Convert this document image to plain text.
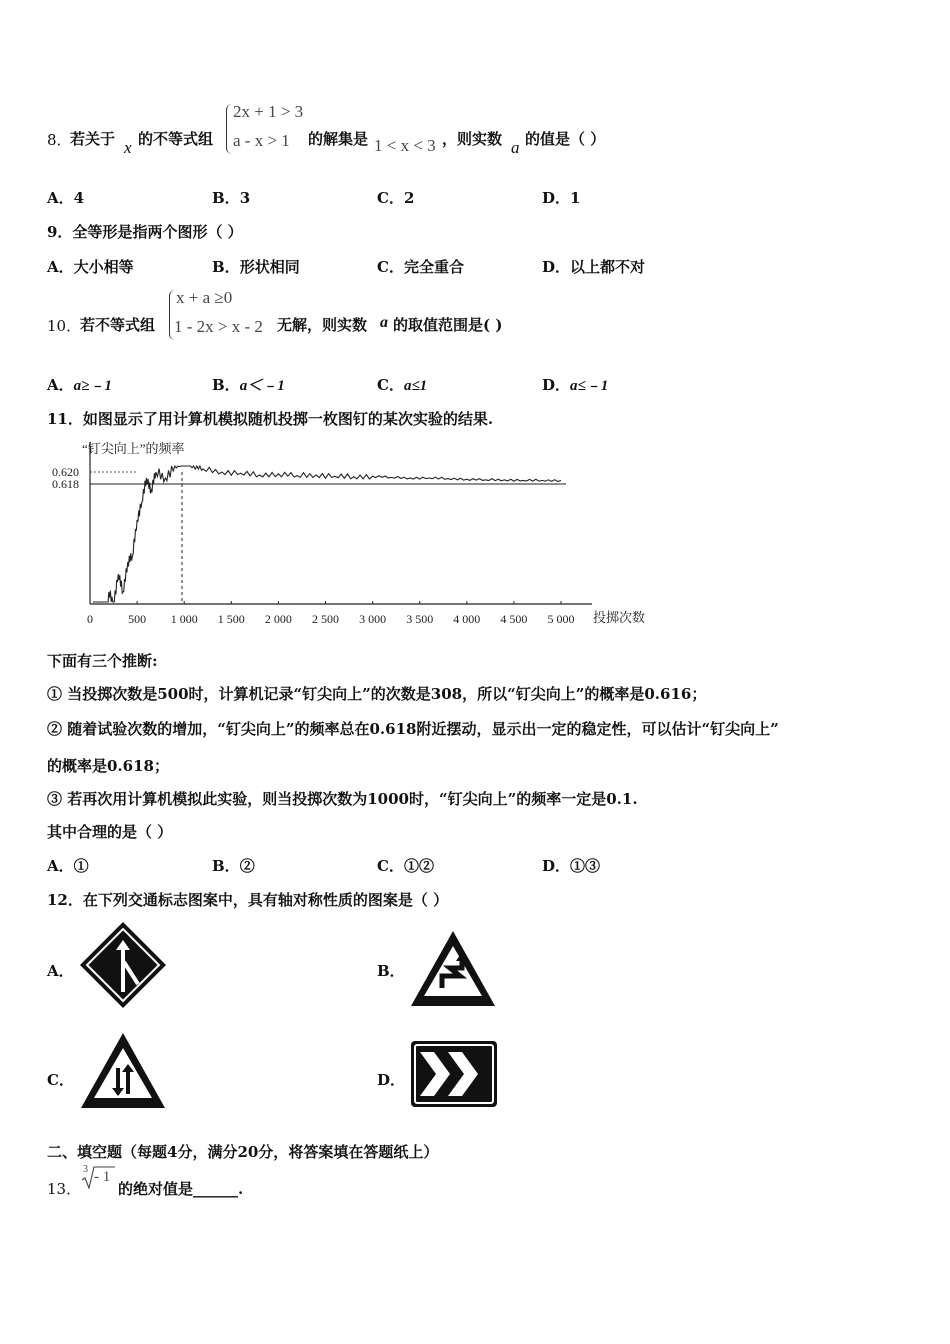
8．
若关于 x 的不等式组
2x + 1 > 3
a - x > 1 的解集是 1 < x < 3 ，则实数 a 的值是（ ）
A．4	B．3	C．2	D．1
9．全等形是指两个图形（ ）
A．大小相等	B．形状相同	C．完全重合	D．以上都不对
10．
若不等式组
x + a ≥0
1 - 2x > x - 2 无解，则实数 a 的取值范围是( )
A．a≥﹣1	B．a＜﹣1	C．a≤1	D．a≤﹣1
11．如图显示了用计算机模拟随机投掷一枚图钉的某次实验的结果.
“钉尖向上”的频率
0.620
0.618
0	500 1 000 1 500 2 000 2 500 3 000 3 500 4 000 4 500 5 000 投掷次数
下面有三个推断:
① 当投掷次数是500时，计算机记录“钉尖向上”的次数是308，所以“钉尖向上”的概率是0.616；
② 随着试验次数的增加，“钉尖向上”的频率总在0.618附近摆动，显示出一定的稳定性，可以估计“钉尖向上”
的概率是0.618；
③ 若再次用计算机模拟此实验，则当投掷次数为1000时，“钉尖向上”的频率一定是0.1.
其中合理的是（ ）
A．①	B．②	C．①②	D．①③
12．在下列交通标志图案中，具有轴对称性质的图案是（ ）
A．	B．
C．	D．
二、填空题（每题4分，满分20分，将答案填在答题纸上）
13．
3 - 1
的绝对值是______.
